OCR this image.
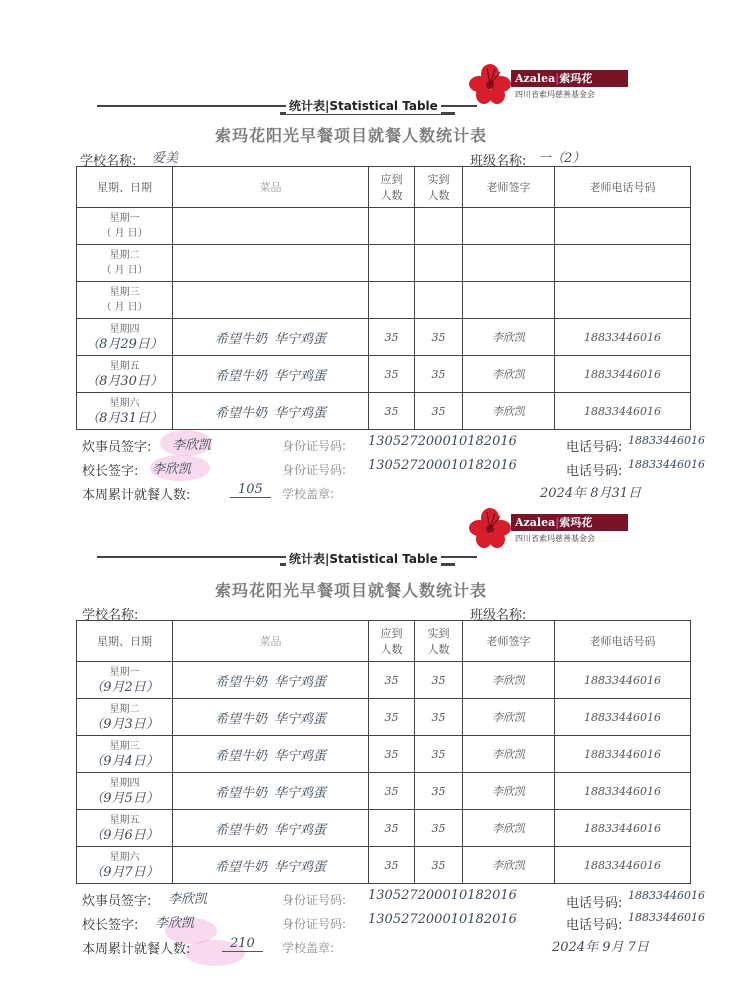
Azalea|索玛花
四川省索玛慈善基金会
统计表|Statistical Table
索玛花阳光早餐项目就餐人数统计表
学校名称: 爱美	班级名称: 一（2）
星期、日期	菜品	应到
人数	实到
人数	老师签字	老师电话号码

星期一
（ 月 日）					

星期二
（ 月 日）					

星期三
（ 月 日）					

星期四
（8月29日）	希望牛奶 华宁鸡蛋	35	35	李欣凯	18833446016

星期五
（8月30日）	希望牛奶 华宁鸡蛋	35	35	李欣凯	18833446016

星期六
（8月31日）	希望牛奶 华宁鸡蛋	35	35	李欣凯	18833446016
炊事员签字: 李欣凯	身份证号码: 130527200010182016	电话号码: 18833446016
校长签字: 李欣凯	身份证号码: 130527200010182016	电话号码: 18833446016
本周累计就餐人数:	105	学校盖章:	2024年 8月31日
Azalea|索玛花
四川省索玛慈善基金会
统计表|Statistical Table
索玛花阳光早餐项目就餐人数统计表
学校名称:	班级名称:
星期、日期	菜品	应到
人数	实到
人数	老师签字	老师电话号码

星期一
（9月2日）	希望牛奶 华宁鸡蛋	35	35	李欣凯	18833446016

星期二
（9月3日）	希望牛奶 华宁鸡蛋	35	35	李欣凯	18833446016

星期三
（9月4日）	希望牛奶 华宁鸡蛋	35	35	李欣凯	18833446016

星期四
（9月5日）	希望牛奶 华宁鸡蛋	35	35	李欣凯	18833446016

星期五
（9月6日）	希望牛奶 华宁鸡蛋	35	35	李欣凯	18833446016

星期六
（9月7日）	希望牛奶 华宁鸡蛋	35	35	李欣凯	18833446016
炊事员签字: 李欣凯	身份证号码: 130527200010182016
电话号码:
18833446016
校长签字: 李欣凯	身份证号码: 130527200010182016	电话号码:
18833446016
本周累计就餐人数:	210	学校盖章:	2024年 9月 7日
